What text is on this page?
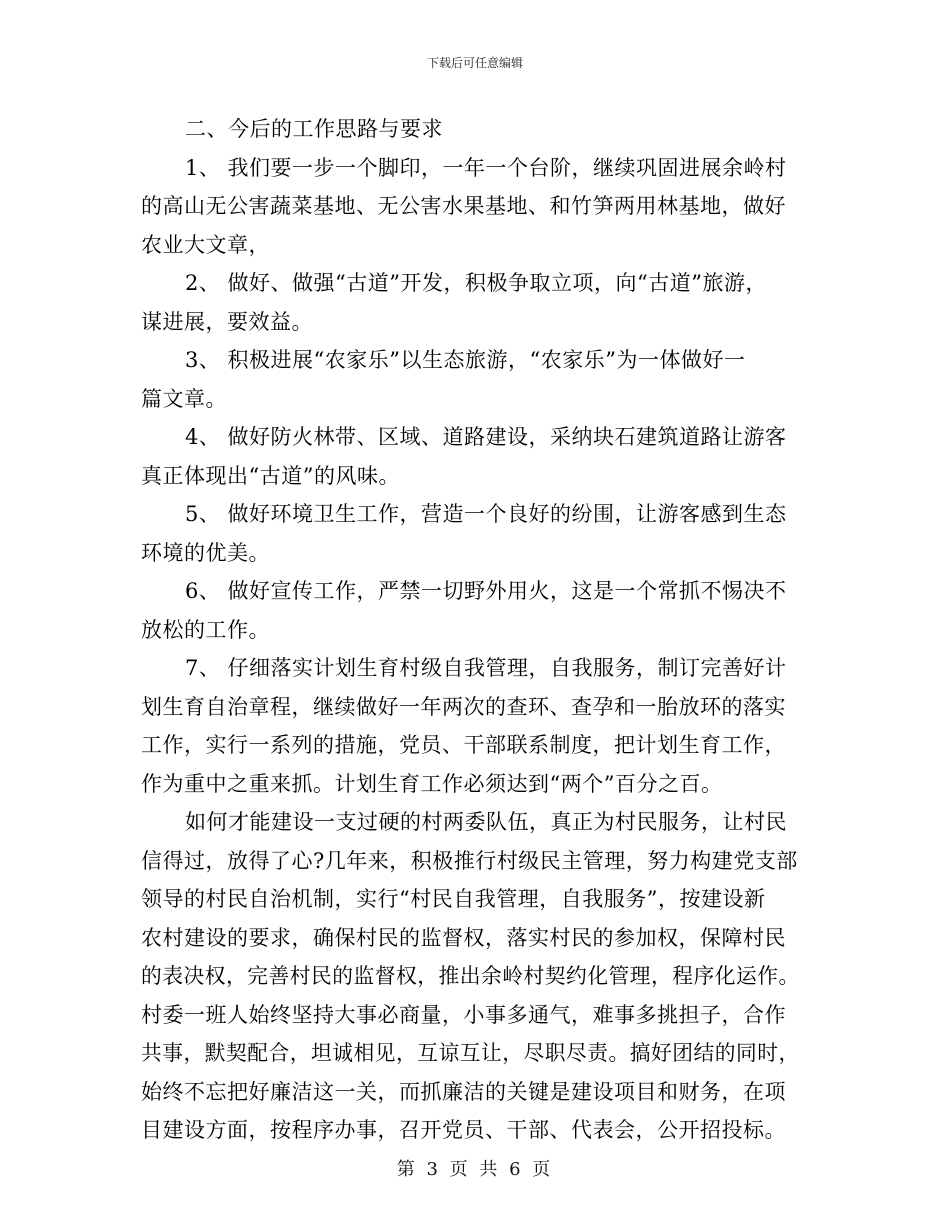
下载后可任意编辑
二、今后的工作思路与要求
1、 我们要一步一个脚印，一年一个台阶，继续巩固进展余岭村
的高山无公害蔬菜基地、无公害水果基地、和竹笋两用林基地，做好
农业大文章，
2、 做好、做强“古道”开发，积极争取立项，向“古道”旅游，
谋进展，要效益。
3、 积极进展“农家乐”以生态旅游，“农家乐”为一体做好一
篇文章。
4、 做好防火林带、区域、道路建设，采纳块石建筑道路让游客
真正体现出“古道”的风味。
5、 做好环境卫生工作，营造一个良好的纷围，让游客感到生态
环境的优美。
6、 做好宣传工作，严禁一切野外用火，这是一个常抓不惕决不
放松的工作。
7、 仔细落实计划生育村级自我管理，自我服务，制订完善好计
划生育自治章程，继续做好一年两次的查环、查孕和一胎放环的落实
工作，实行一系列的措施，党员、干部联系制度，把计划生育工作，
作为重中之重来抓。计划生育工作必须达到“两个”百分之百。
如何才能建设一支过硬的村两委队伍，真正为村民服务，让村民
信得过，放得了心?几年来，积极推行村级民主管理，努力构建党支部
领导的村民自治机制，实行“村民自我管理，自我服务”，按建设新
农村建设的要求，确保村民的监督权，落实村民的参加权，保障村民
的表决权，完善村民的监督权，推出余岭村契约化管理，程序化运作。
村委一班人始终坚持大事必商量，小事多通气，难事多挑担子，合作
共事，默契配合，坦诚相见，互谅互让，尽职尽责。搞好团结的同时，
始终不忘把好廉洁这一关，而抓廉洁的关键是建设项目和财务，在项
目建设方面，按程序办事，召开党员、干部、代表会，公开招投标。
第 3 页 共 6 页
